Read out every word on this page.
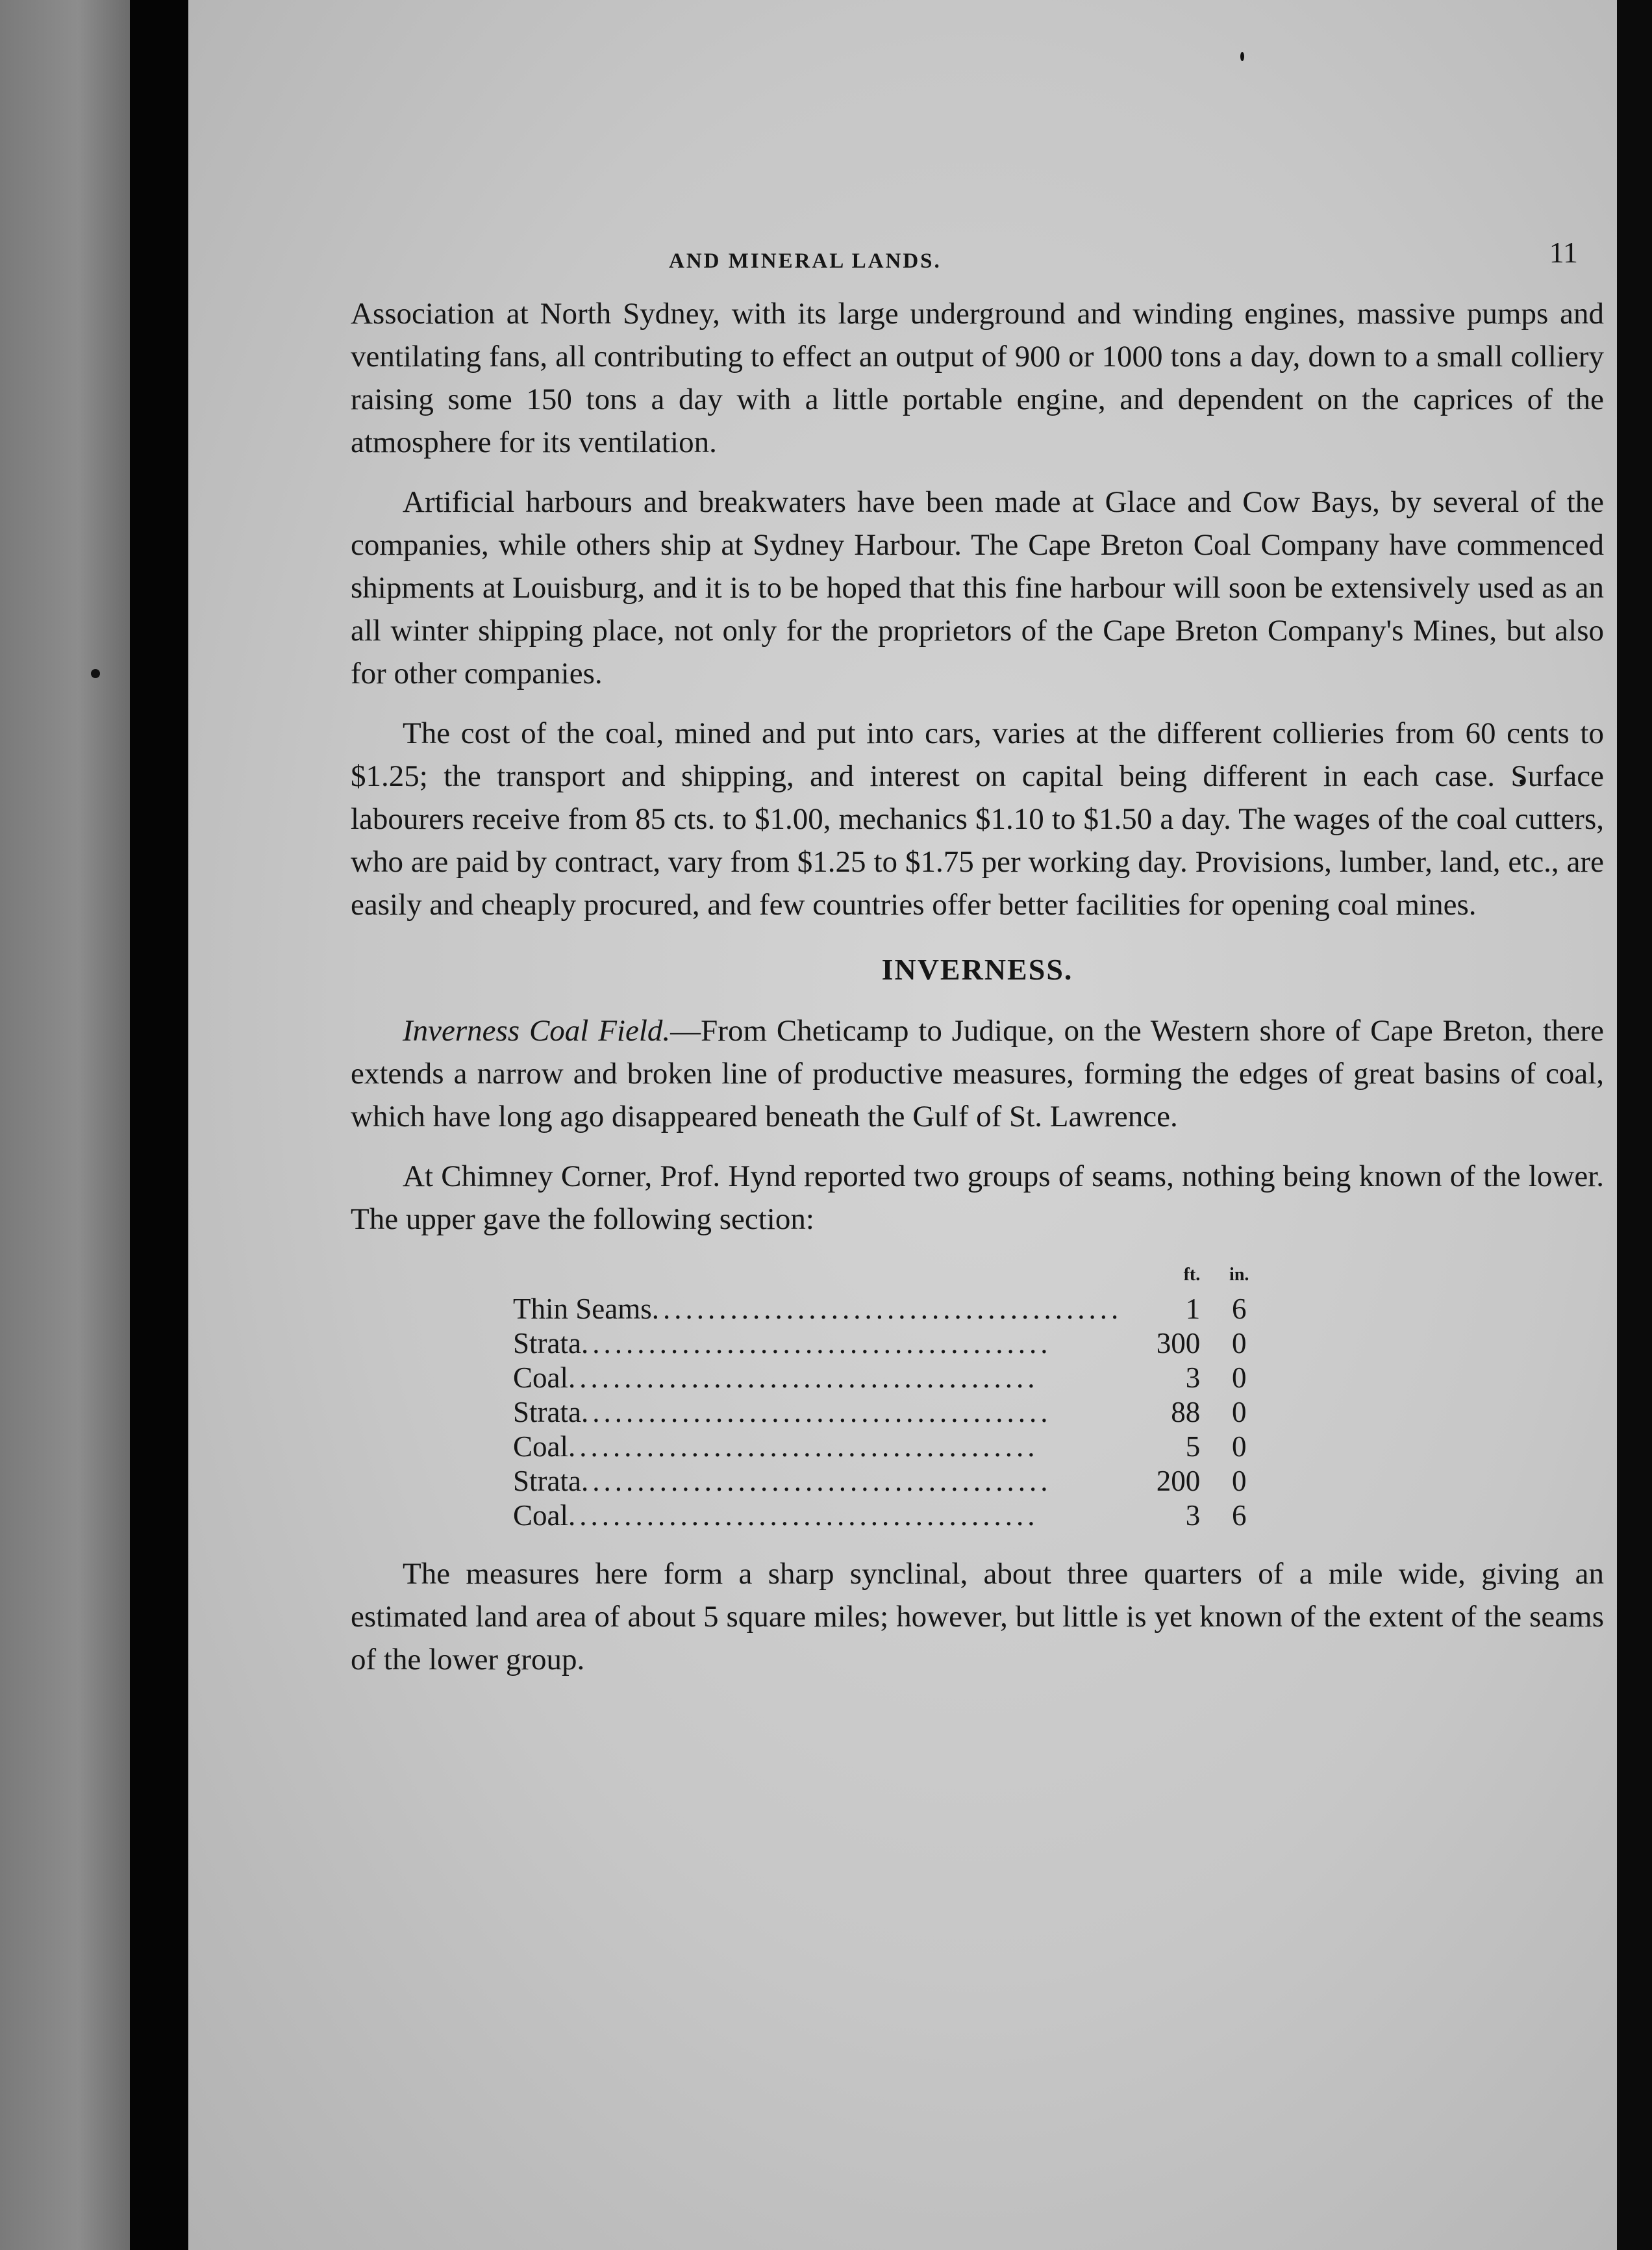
AND MINERAL LANDS.	11

Association at North Sydney, with its large underground and winding engines, massive pumps and ventilating fans, all contributing to effect an output of 900 or 1000 tons a day, down to a small colliery raising some 150 tons a day with a little portable engine, and dependent on the caprices of the atmosphere for its ventilation.

Artificial harbours and breakwaters have been made at Glace and Cow Bays, by several of the companies, while others ship at Sydney Harbour. The Cape Breton Coal Company have commenced shipments at Louisburg, and it is to be hoped that this fine harbour will soon be extensively used as an all winter shipping place, not only for the proprietors of the Cape Breton Company's Mines, but also for other companies.

The cost of the coal, mined and put into cars, varies at the different collieries from 60 cents to $1.25; the transport and shipping, and interest on capital being different in each case. Surface labourers receive from 85 cts. to $1.00, mechanics $1.10 to $1.50 a day. The wages of the coal cutters, who are paid by contract, vary from $1.25 to $1.75 per working day. Provisions, lumber, land, etc., are easily and cheaply procured, and few countries offer better facilities for opening coal mines.

INVERNESS.

Inverness Coal Field.—From Cheticamp to Judique, on the Western shore of Cape Breton, there extends a narrow and broken line of productive measures, forming the edges of great basins of coal, which have long ago disappeared beneath the Gulf of St. Lawrence.

At Chimney Corner, Prof. Hynd reported two groups of seams, nothing being known of the lower. The upper gave the following section:

	ft.	in.
Thin Seams..........................................	1	6
Strata..........................................	300	0
Coal..........................................	3	0
Strata..........................................	88	0
Coal..........................................	5	0
Strata..........................................	200	0
Coal..........................................	3	6

The measures here form a sharp synclinal, about three quarters of a mile wide, giving an estimated land area of about 5 square miles; however, but little is yet known of the extent of the seams of the lower group.
